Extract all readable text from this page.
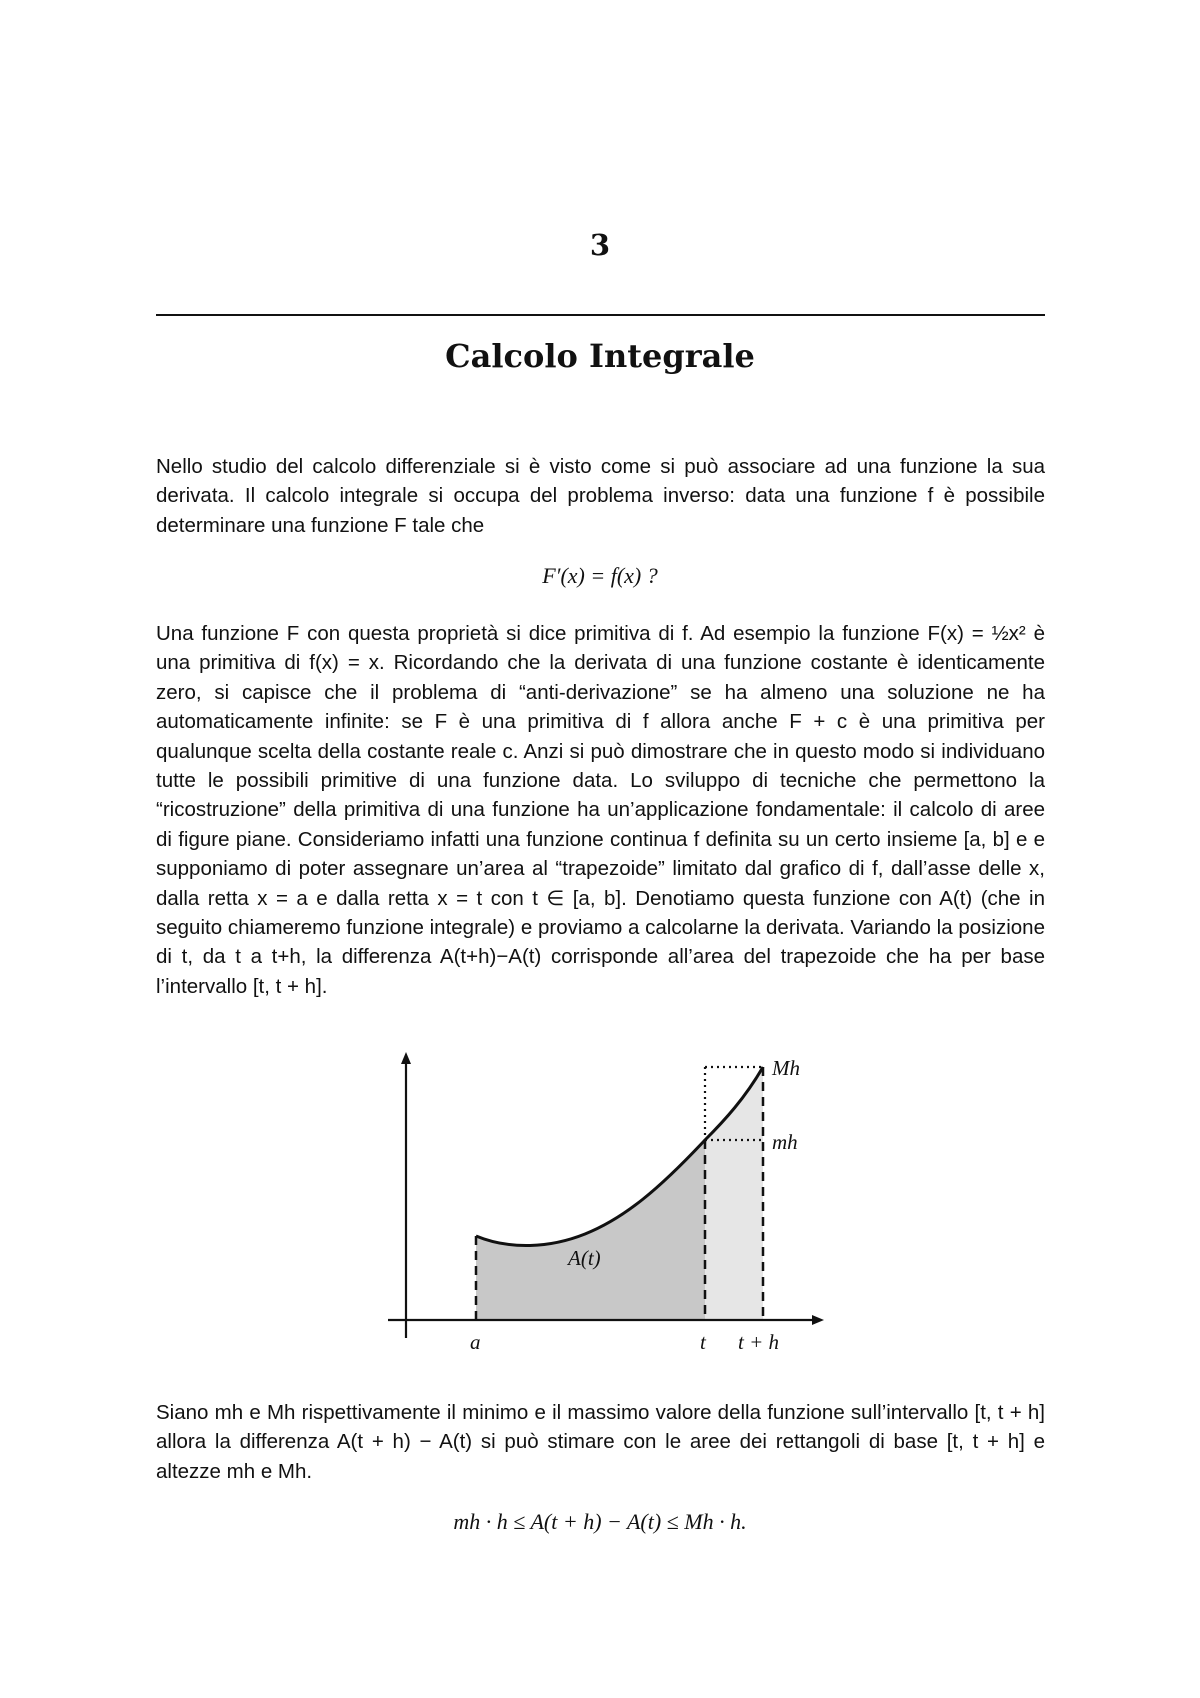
3
Calcolo Integrale

Nello studio del calcolo differenziale si è visto come si può associare ad una funzione la sua derivata. Il calcolo integrale si occupa del problema inverso: data una funzione f è possibile determinare una funzione F tale che

F′(x) = f(x) ?

Una funzione F con questa proprietà si dice primitiva di f. Ad esempio la funzione F(x) = ½x² è una primitiva di f(x) = x. Ricordando che la derivata di una funzione costante è identicamente zero, si capisce che il problema di “anti-derivazione” se ha almeno una soluzione ne ha automaticamente infinite: se F è una primitiva di f allora anche F + c è una primitiva per qualunque scelta della costante reale c. Anzi si può dimostrare che in questo modo si individuano tutte le possibili primitive di una funzione data. Lo sviluppo di tecniche che permettono la “ricostruzione” della primitiva di una funzione ha un’applicazione fondamentale: il calcolo di aree di figure piane. Consideriamo infatti una funzione continua f definita su un certo insieme [a, b] e e supponiamo di poter assegnare un’area al “trapezoide” limitato dal grafico di f, dall’asse delle x, dalla retta x = a e dalla retta x = t con t ∈ [a, b]. Denotiamo questa funzione con A(t) (che in seguito chiameremo funzione integrale) e proviamo a calcolarne la derivata. Variando la posizione di t, da t a t+h, la differenza A(t+h)−A(t) corrisponde all’area del trapezoide che ha per base l’intervallo [t, t + h].

Mh
mh
A(t)
a	t t + h

Siano mh e Mh rispettivamente il minimo e il massimo valore della funzione sull’intervallo [t, t + h] allora la differenza A(t + h) − A(t) si può stimare con le aree dei rettangoli di base [t, t + h] e altezze mh e Mh.

mh · h ≤ A(t + h) − A(t) ≤ Mh · h.
